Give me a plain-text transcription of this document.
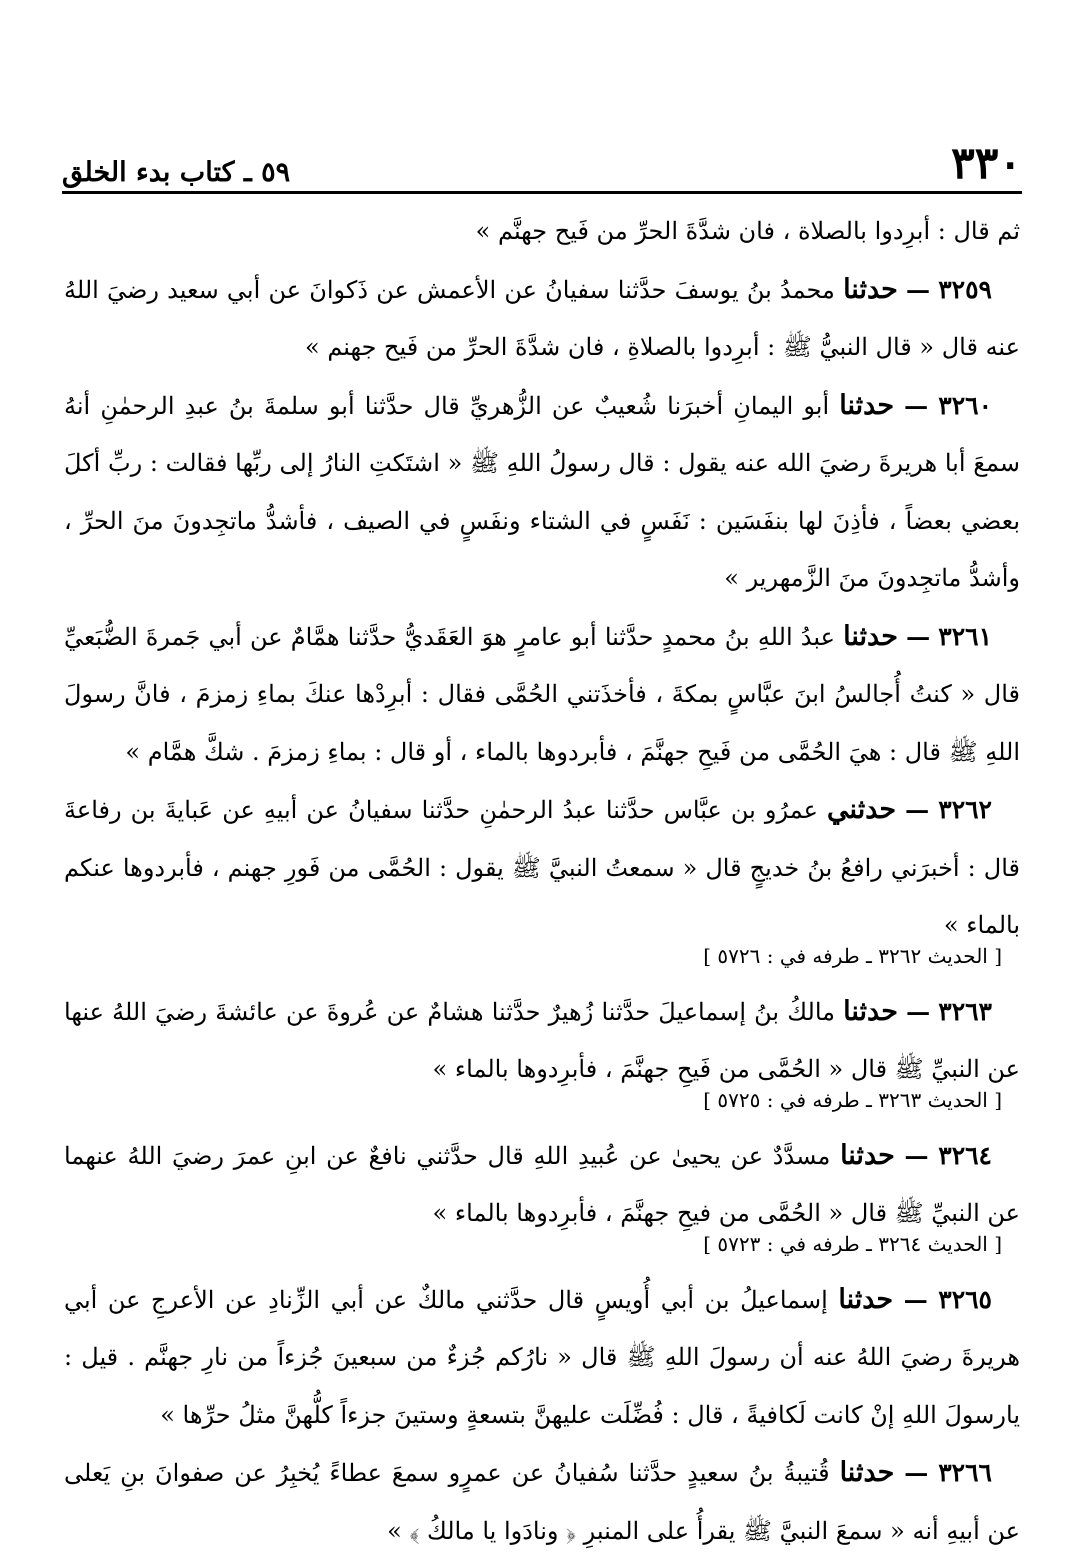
٣٣٠
٥٩ ـ كتاب بدء الخلق

ثم قال : أبرِدوا بالصلاة ، فان شدَّةَ الحرِّ من فَيح جهنَّم »

٣٢٥٩ — حدثنا محمدُ بنُ يوسفَ حدَّثنا سفيانُ عن الأعمش عن ذَكوانَ عن أبي سعيد رضيَ اللهُ عنه قال « قال النبيُّ ﷺ : أبرِدوا بالصلاةِ ، فان شدَّةَ الحرِّ من فَيح جهنم »

٣٢٦٠ — حدثنا أبو اليمانِ أخبرَنا شُعيبٌ عن الزُّهريِّ قال حدَّثنا أبو سلمةَ بنُ عبدِ الرحمٰنِ أنهُ سمعَ أبا هريرةَ رضيَ الله عنه يقول : قال رسولُ اللهِ ﷺ « اشتَكتِ النارُ إلى ربِّها فقالت : ربِّ أكلَ بعضي بعضاً ، فأذِنَ لها بنفَسَين : نَفَسٍ في الشتاء ونفَسٍ في الصيف ، فأشدُّ ماتجِدونَ منَ الحرِّ ، وأشدُّ ماتجِدونَ منَ الزَّمهرير »

٣٢٦١ — حدثنا عبدُ اللهِ بنُ محمدٍ حدَّثنا أبو عامرٍ هوَ العَقَديُّ حدَّثنا همَّامٌ عن أبي جَمرةَ الضُّبَعيِّ قال « كنتُ أُجالسُ ابنَ عبَّاسٍ بمكةَ ، فأخذَتني الحُمَّى فقال : أبرِدْها عنكَ بماءِ زمزمَ ، فانَّ رسولَ اللهِ ﷺ قال : هيَ الحُمَّى من فَيحِ جهنَّمَ ، فأبردوها بالماء ، أو قال : بماءِ زمزمَ . شكَّ همَّام »

٣٢٦٢ — حدثني عمرُو بن عبَّاس حدَّثنا عبدُ الرحمٰنِ حدَّثنا سفيانُ عن أبيهِ عن عَبايةَ بن رفاعةَ قال : أخبرَني رافعُ بنُ خديجٍ قال « سمعتُ النبيَّ ﷺ يقول : الحُمَّى من فَورِ جهنم ، فأبردوها عنكم بالماء »

[ الحديث ٣٢٦٢ ـ طرفه في : ٥٧٢٦ ]

٣٢٦٣ — حدثنا مالكُ بنُ إسماعيلَ حدَّثنا زُهيرٌ حدَّثنا هشامٌ عن عُروةَ عن عائشةَ رضيَ اللهُ عنها عن النبيِّ ﷺ قال « الحُمَّى من فَيحِ جهنَّمَ ، فأبرِدوها بالماء »

[ الحديث ٣٢٦٣ ـ طرفه في : ٥٧٢٥ ]

٣٢٦٤ — حدثنا مسدَّدٌ عن يحيىٰ عن عُبيدِ اللهِ قال حدَّثني نافعٌ عن ابنِ عمرَ رضيَ اللهُ عنهما عن النبيِّ ﷺ قال « الحُمَّى من فيحِ جهنَّمَ ، فأبرِدوها بالماء »

[ الحديث ٣٢٦٤ ـ طرفه في : ٥٧٢٣ ]

٣٢٦٥ — حدثنا إسماعيلُ بن أبي أُويسٍ قال حدَّثني مالكٌ عن أبي الزِّنادِ عن الأعرجِ عن أبي هريرةَ رضيَ اللهُ عنه أن رسولَ اللهِ ﷺ قال « نارُكم جُزءٌ من سبعينَ جُزءاً من نارِ جهنَّم . قيل : يارسولَ اللهِ إنْ كانت لَكافيةً ، قال : فُضِّلَت عليهنَّ بتسعةٍ وستينَ جزءاً كلُّهنَّ مثلُ حرِّها »

٣٢٦٦ — حدثنا قُتيبةُ بنُ سعيدٍ حدَّثنا سُفيانُ عن عمرٍو سمعَ عطاءً يُخبِرُ عن صفوانَ بنِ يَعلى عن أبيهِ أنه « سمعَ النبيَّ ﷺ يقرأُ على المنبرِ ﴿ ونادَوا يا مالكُ ﴾ »
